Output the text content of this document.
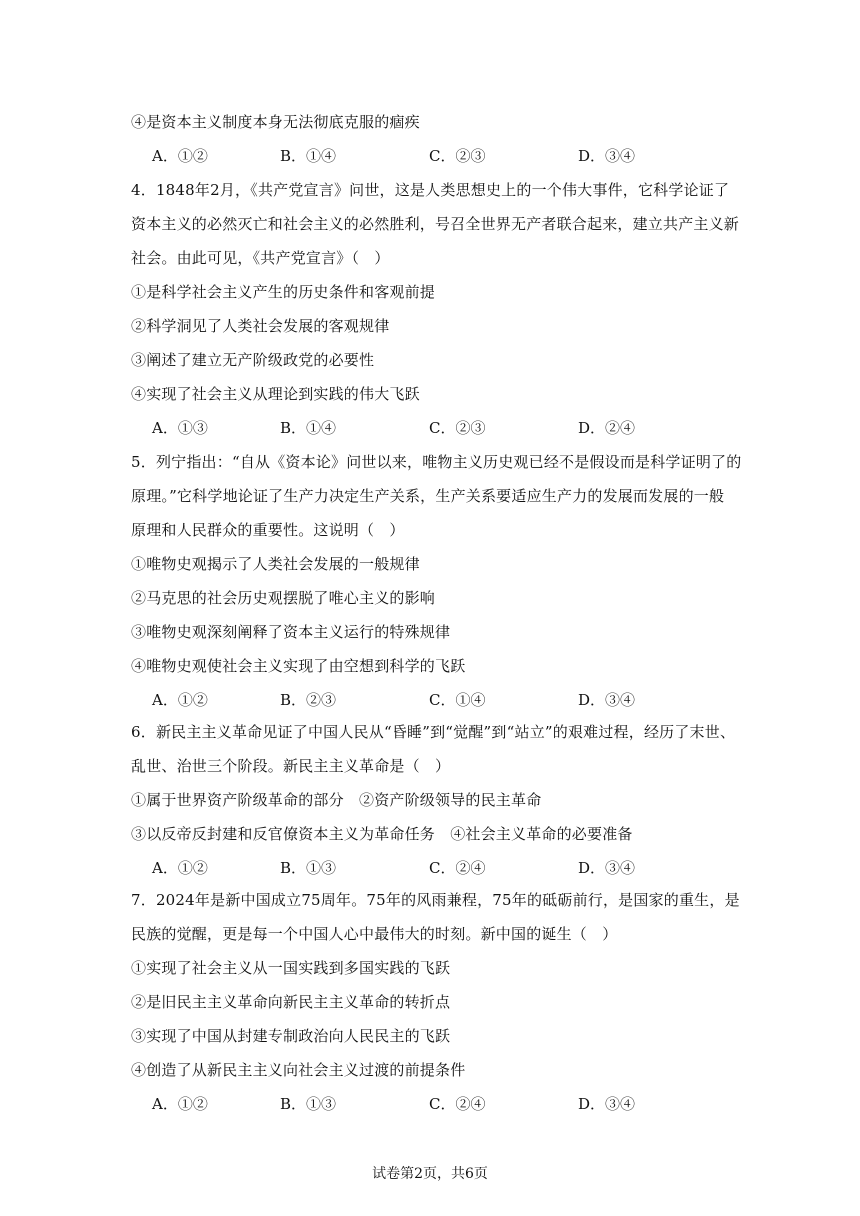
④是资本主义制度本身无法彻底克服的痼疾
A．①②	B．①④	C．②③	D．③④
4．1848年2月，《共产党宣言》问世，这是人类思想史上的一个伟大事件，它科学论证了
资本主义的必然灭亡和社会主义的必然胜利，号召全世界无产者联合起来，建立共产主义新
社会。由此可见，《共产党宣言》（　）
①是科学社会主义产生的历史条件和客观前提
②科学洞见了人类社会发展的客观规律
③阐述了建立无产阶级政党的必要性
④实现了社会主义从理论到实践的伟大飞跃
A．①③	B．①④	C．②③	D．②④
5．列宁指出：“自从《资本论》问世以来，唯物主义历史观已经不是假设而是科学证明了的
原理。”它科学地论证了生产力决定生产关系，生产关系要适应生产力的发展而发展的一般
原理和人民群众的重要性。这说明（　）
①唯物史观揭示了人类社会发展的一般规律
②马克思的社会历史观摆脱了唯心主义的影响
③唯物史观深刻阐释了资本主义运行的特殊规律
④唯物史观使社会主义实现了由空想到科学的飞跃
A．①②	B．②③	C．①④	D．③④
6．新民主主义革命见证了中国人民从“昏睡”到“觉醒”到“站立”的艰难过程，经历了末世、
乱世、治世三个阶段。新民主主义革命是（　）
①属于世界资产阶级革命的部分　②资产阶级领导的民主革命
③以反帝反封建和反官僚资本主义为革命任务　④社会主义革命的必要准备
A．①②	B．①③	C．②④	D．③④
7．2024年是新中国成立75周年。75年的风雨兼程，75年的砥砺前行，是国家的重生，是
民族的觉醒，更是每一个中国人心中最伟大的时刻。新中国的诞生（　）
①实现了社会主义从一国实践到多国实践的飞跃
②是旧民主主义革命向新民主主义革命的转折点
③实现了中国从封建专制政治向人民民主的飞跃
④创造了从新民主主义向社会主义过渡的前提条件
A．①②	B．①③	C．②④	D．③④
试卷第2页，共6页
